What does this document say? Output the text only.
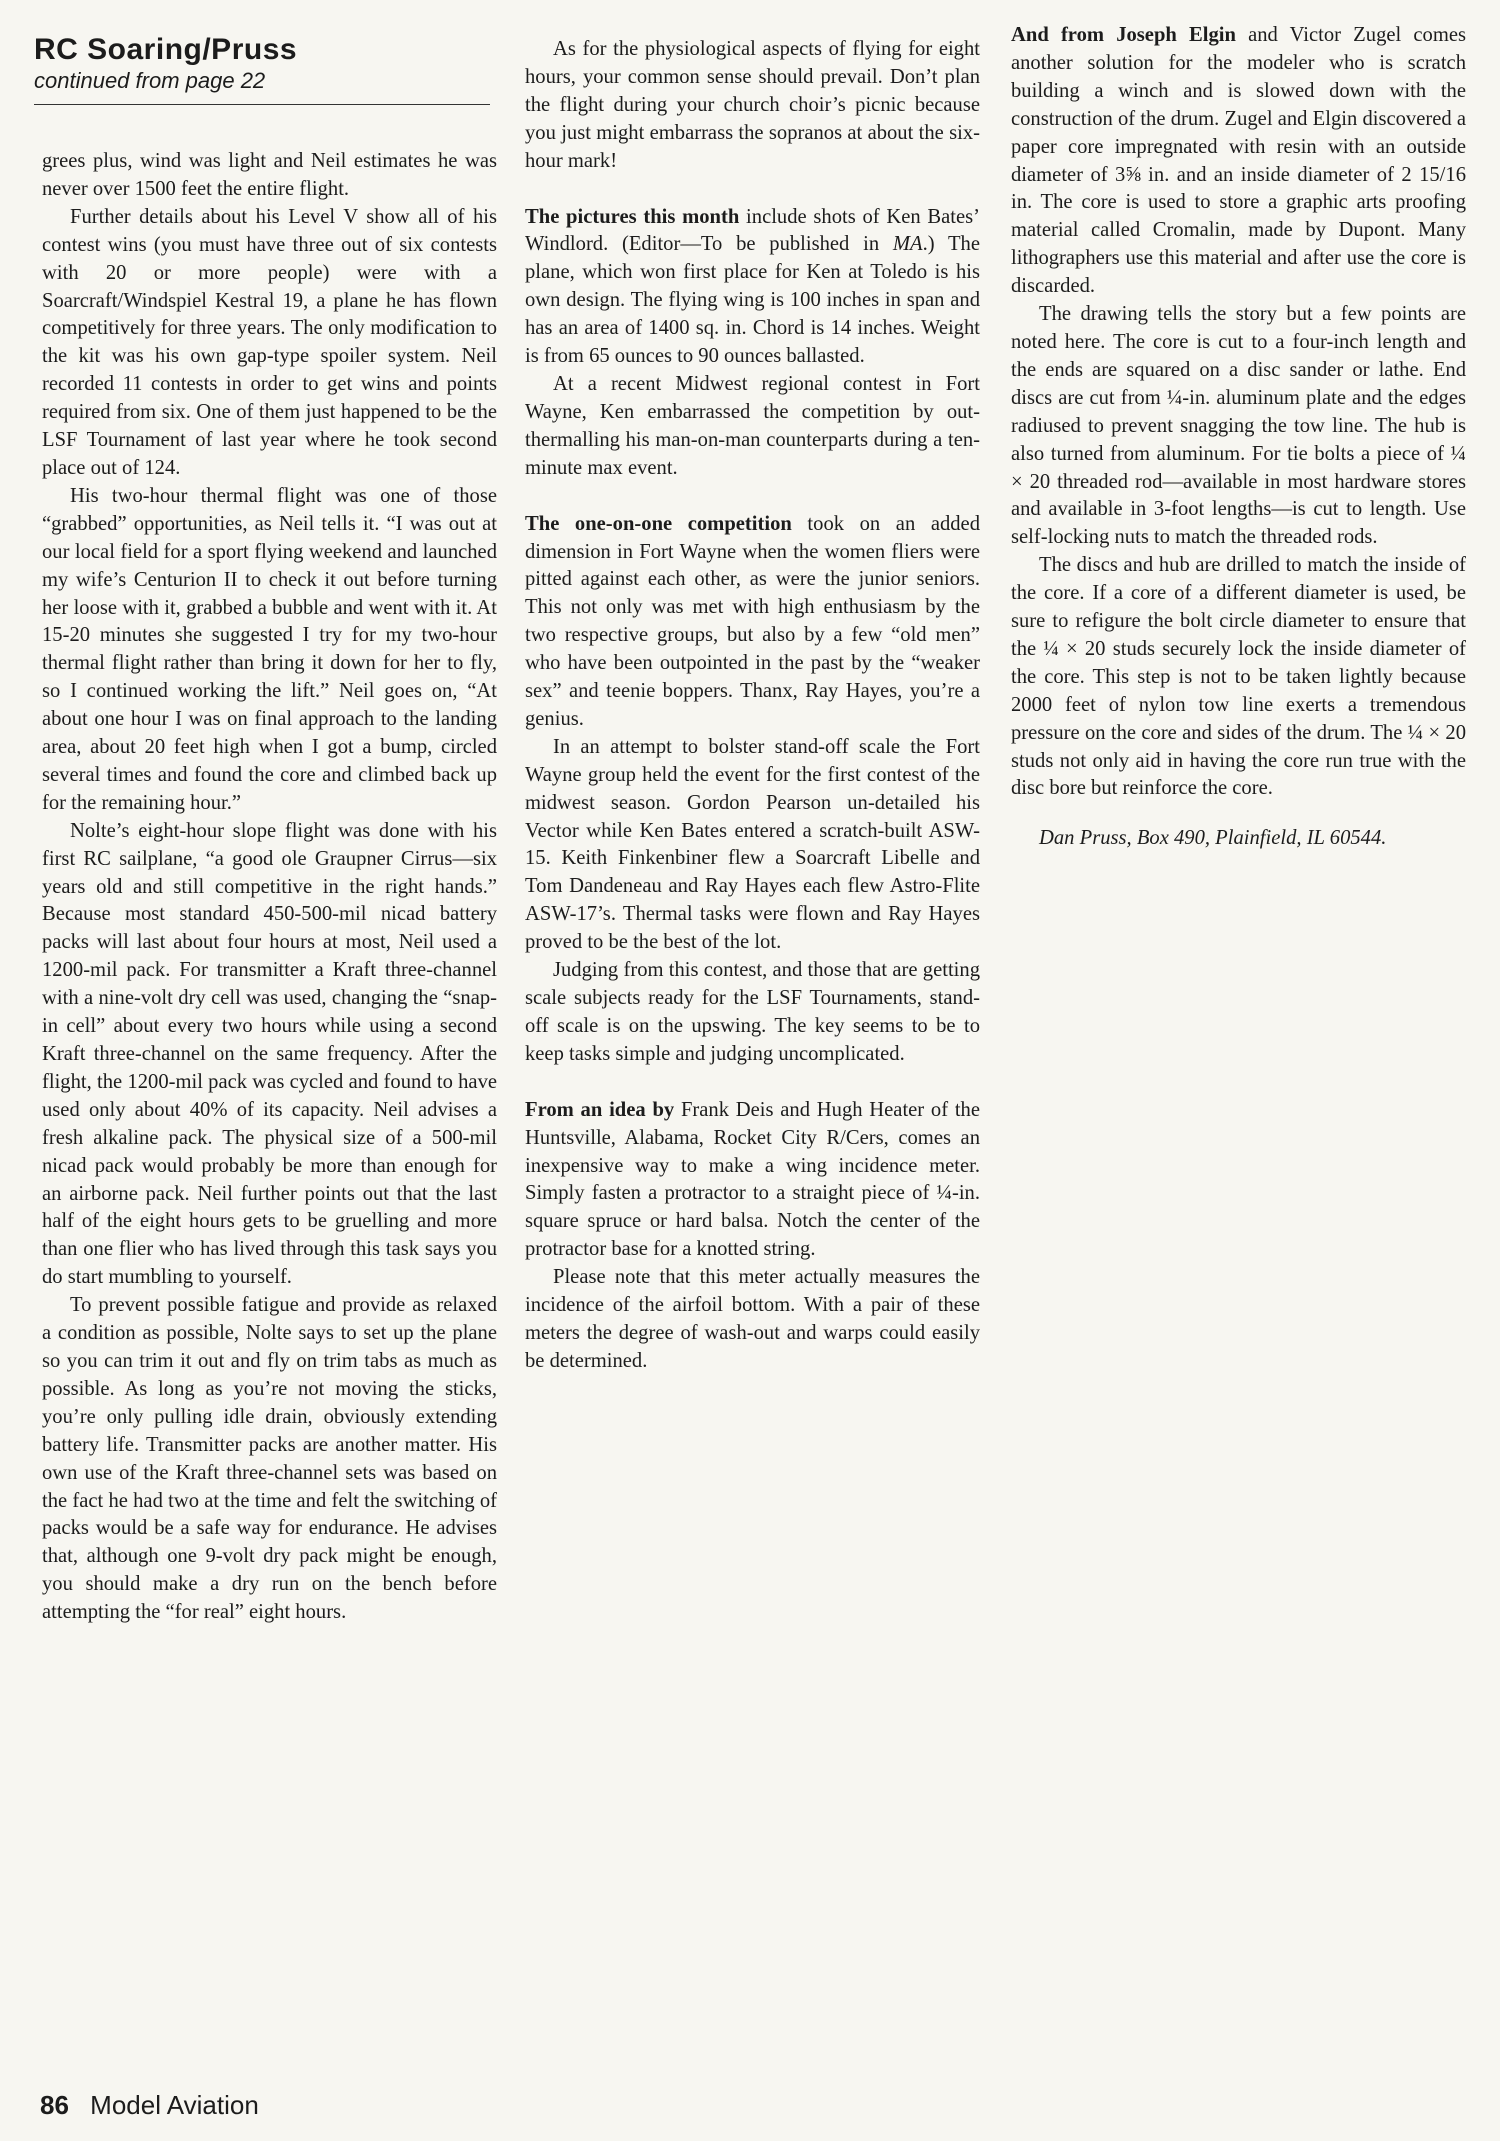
RC Soaring/Pruss
continued from page 22

grees plus, wind was light and Neil estimates he was never over 1500 feet the entire flight.

Further details about his Level V show all of his contest wins (you must have three out of six contests with 20 or more people) were with a Soarcraft/Windspiel Kestral 19, a plane he has flown competitively for three years. The only modification to the kit was his own gap-type spoiler system. Neil recorded 11 contests in order to get wins and points required from six. One of them just happened to be the LSF Tournament of last year where he took second place out of 124.

His two-hour thermal flight was one of those “grabbed” opportunities, as Neil tells it. “I was out at our local field for a sport flying weekend and launched my wife’s Centurion II to check it out before turning her loose with it, grabbed a bubble and went with it. At 15-20 minutes she suggested I try for my two-hour thermal flight rather than bring it down for her to fly, so I continued working the lift.” Neil goes on, “At about one hour I was on final approach to the landing area, about 20 feet high when I got a bump, circled several times and found the core and climbed back up for the remaining hour.”

Nolte’s eight-hour slope flight was done with his first RC sailplane, “a good ole Graupner Cirrus—six years old and still competitive in the right hands.” Because most standard 450-500-mil nicad battery packs will last about four hours at most, Neil used a 1200-mil pack. For transmitter a Kraft three-channel with a nine-volt dry cell was used, changing the “snap-in cell” about every two hours while using a second Kraft three-channel on the same frequency. After the flight, the 1200-mil pack was cycled and found to have used only about 40% of its capacity. Neil advises a fresh alkaline pack. The physical size of a 500-mil nicad pack would probably be more than enough for an airborne pack. Neil further points out that the last half of the eight hours gets to be gruelling and more than one flier who has lived through this task says you do start mumbling to yourself.

To prevent possible fatigue and provide as relaxed a condition as possible, Nolte says to set up the plane so you can trim it out and fly on trim tabs as much as possible. As long as you’re not moving the sticks, you’re only pulling idle drain, obviously extending battery life. Transmitter packs are another matter. His own use of the Kraft three-channel sets was based on the fact he had two at the time and felt the switching of packs would be a safe way for endurance. He advises that, although one 9-volt dry pack might be enough, you should make a dry run on the bench before attempting the “for real” eight hours.

As for the physiological aspects of flying for eight hours, your common sense should prevail. Don’t plan the flight during your church choir’s picnic because you just might embarrass the sopranos at about the six-hour mark!

The pictures this month include shots of Ken Bates’ Windlord. (Editor—To be published in MA.) The plane, which won first place for Ken at Toledo is his own design. The flying wing is 100 inches in span and has an area of 1400 sq. in. Chord is 14 inches. Weight is from 65 ounces to 90 ounces ballasted.

At a recent Midwest regional contest in Fort Wayne, Ken embarrassed the competition by out-thermalling his man-on-man counterparts during a ten-minute max event.

The one-on-one competition took on an added dimension in Fort Wayne when the women fliers were pitted against each other, as were the junior seniors. This not only was met with high enthusiasm by the two respective groups, but also by a few “old men” who have been outpointed in the past by the “weaker sex” and teenie boppers. Thanx, Ray Hayes, you’re a genius.

In an attempt to bolster stand-off scale the Fort Wayne group held the event for the first contest of the midwest season. Gordon Pearson un-detailed his Vector while Ken Bates entered a scratch-built ASW-15. Keith Finkenbiner flew a Soarcraft Libelle and Tom Dandeneau and Ray Hayes each flew Astro-Flite ASW-17’s. Thermal tasks were flown and Ray Hayes proved to be the best of the lot.

Judging from this contest, and those that are getting scale subjects ready for the LSF Tournaments, stand-off scale is on the upswing. The key seems to be to keep tasks simple and judging uncomplicated.

From an idea by Frank Deis and Hugh Heater of the Huntsville, Alabama, Rocket City R/Cers, comes an inexpensive way to make a wing incidence meter. Simply fasten a protractor to a straight piece of ¼-in. square spruce or hard balsa. Notch the center of the protractor base for a knotted string.

Please note that this meter actually measures the incidence of the airfoil bottom. With a pair of these meters the degree of wash-out and warps could easily be determined.

And from Joseph Elgin and Victor Zugel comes another solution for the modeler who is scratch building a winch and is slowed down with the construction of the drum. Zugel and Elgin discovered a paper core impregnated with resin with an outside diameter of 3⅝ in. and an inside diameter of 2 15/16 in. The core is used to store a graphic arts proofing material called Cromalin, made by Dupont. Many lithographers use this material and after use the core is discarded.

The drawing tells the story but a few points are noted here. The core is cut to a four-inch length and the ends are squared on a disc sander or lathe. End discs are cut from ¼-in. aluminum plate and the edges radiused to prevent snagging the tow line. The hub is also turned from aluminum. For tie bolts a piece of ¼ × 20 threaded rod—available in most hardware stores and available in 3-foot lengths—is cut to length. Use self-locking nuts to match the threaded rods.

The discs and hub are drilled to match the inside of the core. If a core of a different diameter is used, be sure to refigure the bolt circle diameter to ensure that the ¼ × 20 studs securely lock the inside diameter of the core. This step is not to be taken lightly because 2000 feet of nylon tow line exerts a tremendous pressure on the core and sides of the drum. The ¼ × 20 studs not only aid in having the core run true with the disc bore but reinforce the core.

Dan Pruss, Box 490, Plainfield, IL 60544.

86 Model Aviation
